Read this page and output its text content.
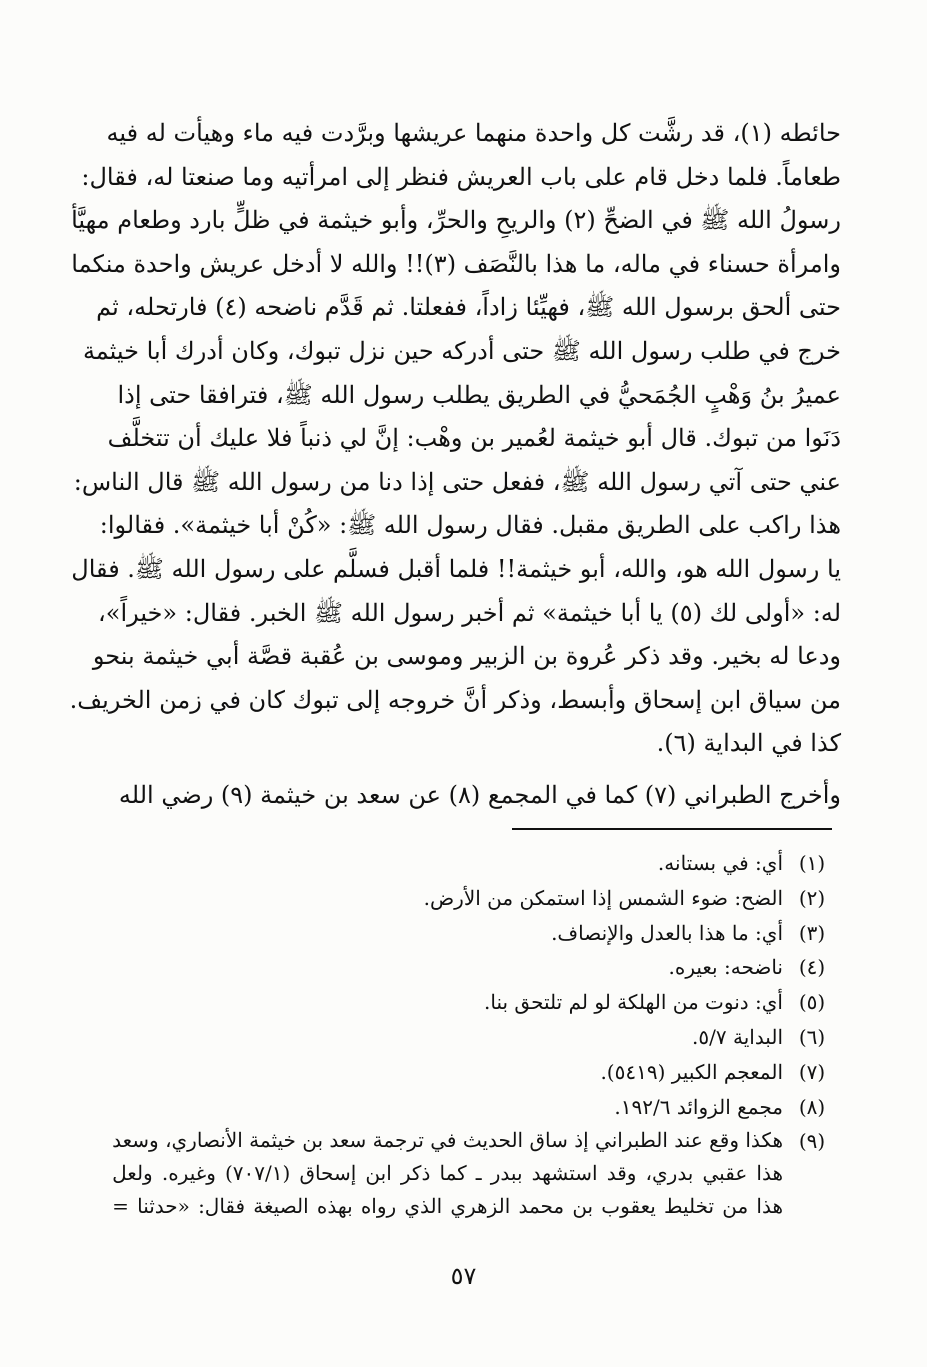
حائطه (١)، قد رشَّت كل واحدة منهما عريشها وبرَّدت فيه ماء وهيأت له فيه
طعاماً. فلما دخل قام على باب العريش فنظر إلى امرأتيه وما صنعتا له، فقال:
رسولُ الله ﷺ في الضحِّ (٢) والريحِ والحرِّ، وأبو خيثمة في ظلٍّ بارد وطعام مهيَّأ
وامرأة حسناء في ماله، ما هذا بالنَّصَف (٣)!! والله لا أدخل عريش واحدة منكما
حتى ألحق برسول الله ﷺ، فهيِّئا زاداً، ففعلتا. ثم قَدَّم ناضحه (٤) فارتحله، ثم
خرج في طلب رسول الله ﷺ حتى أدركه حين نزل تبوك، وكان أدرك أبا خيثمة
عميرُ بنُ وَهْبٍ الجُمَحيُّ في الطريق يطلب رسول الله ﷺ، فترافقا حتى إذا
دَنَوا من تبوك. قال أبو خيثمة لعُمير بن وهْب: إنَّ لي ذنباً فلا عليك أن تتخلَّف
عني حتى آتي رسول الله ﷺ، ففعل حتى إذا دنا من رسول الله ﷺ قال الناس:
هذا راكب على الطريق مقبل. فقال رسول الله ﷺ: «كُنْ أبا خيثمة». فقالوا:
يا رسول الله هو، والله، أبو خيثمة!! فلما أقبل فسلَّم على رسول الله ﷺ. فقال
له: «أولى لك (٥) يا أبا خيثمة» ثم أخبر رسول الله ﷺ الخبر. فقال: «خيراً»،
ودعا له بخير. وقد ذكر عُروة بن الزبير وموسى بن عُقبة قصَّة أبي خيثمة بنحو
من سياق ابن إسحاق وأبسط، وذكر أنَّ خروجه إلى تبوك كان في زمن الخريف.
كذا في البداية (٦).
وأخرج الطبراني (٧) كما في المجمع (٨) عن سعد بن خيثمة (٩) رضي الله
(١)
أي: في بستانه.
(٢)
الضح: ضوء الشمس إذا استمكن من الأرض.
(٣)
أي: ما هذا بالعدل والإنصاف.
(٤)
ناضحه: بعيره.
(٥)
أي: دنوت من الهلكة لو لم تلتحق بنا.
(٦)
البداية ٥/٧.
(٧)
المعجم الكبير (٥٤١٩).
(٨)
مجمع الزوائد ١٩٢/٦.
(٩)
هكذا وقع عند الطبراني إذ ساق الحديث في ترجمة سعد بن خيثمة الأنصاري، وسعد
هذا عقبي بدري، وقد استشهد ببدر ـ كما ذكر ابن إسحاق (٧٠٧/١) وغيره. ولعل
هذا من تخليط يعقوب بن محمد الزهري الذي رواه بهذه الصيغة فقال: «حدثنا =
٥٧
